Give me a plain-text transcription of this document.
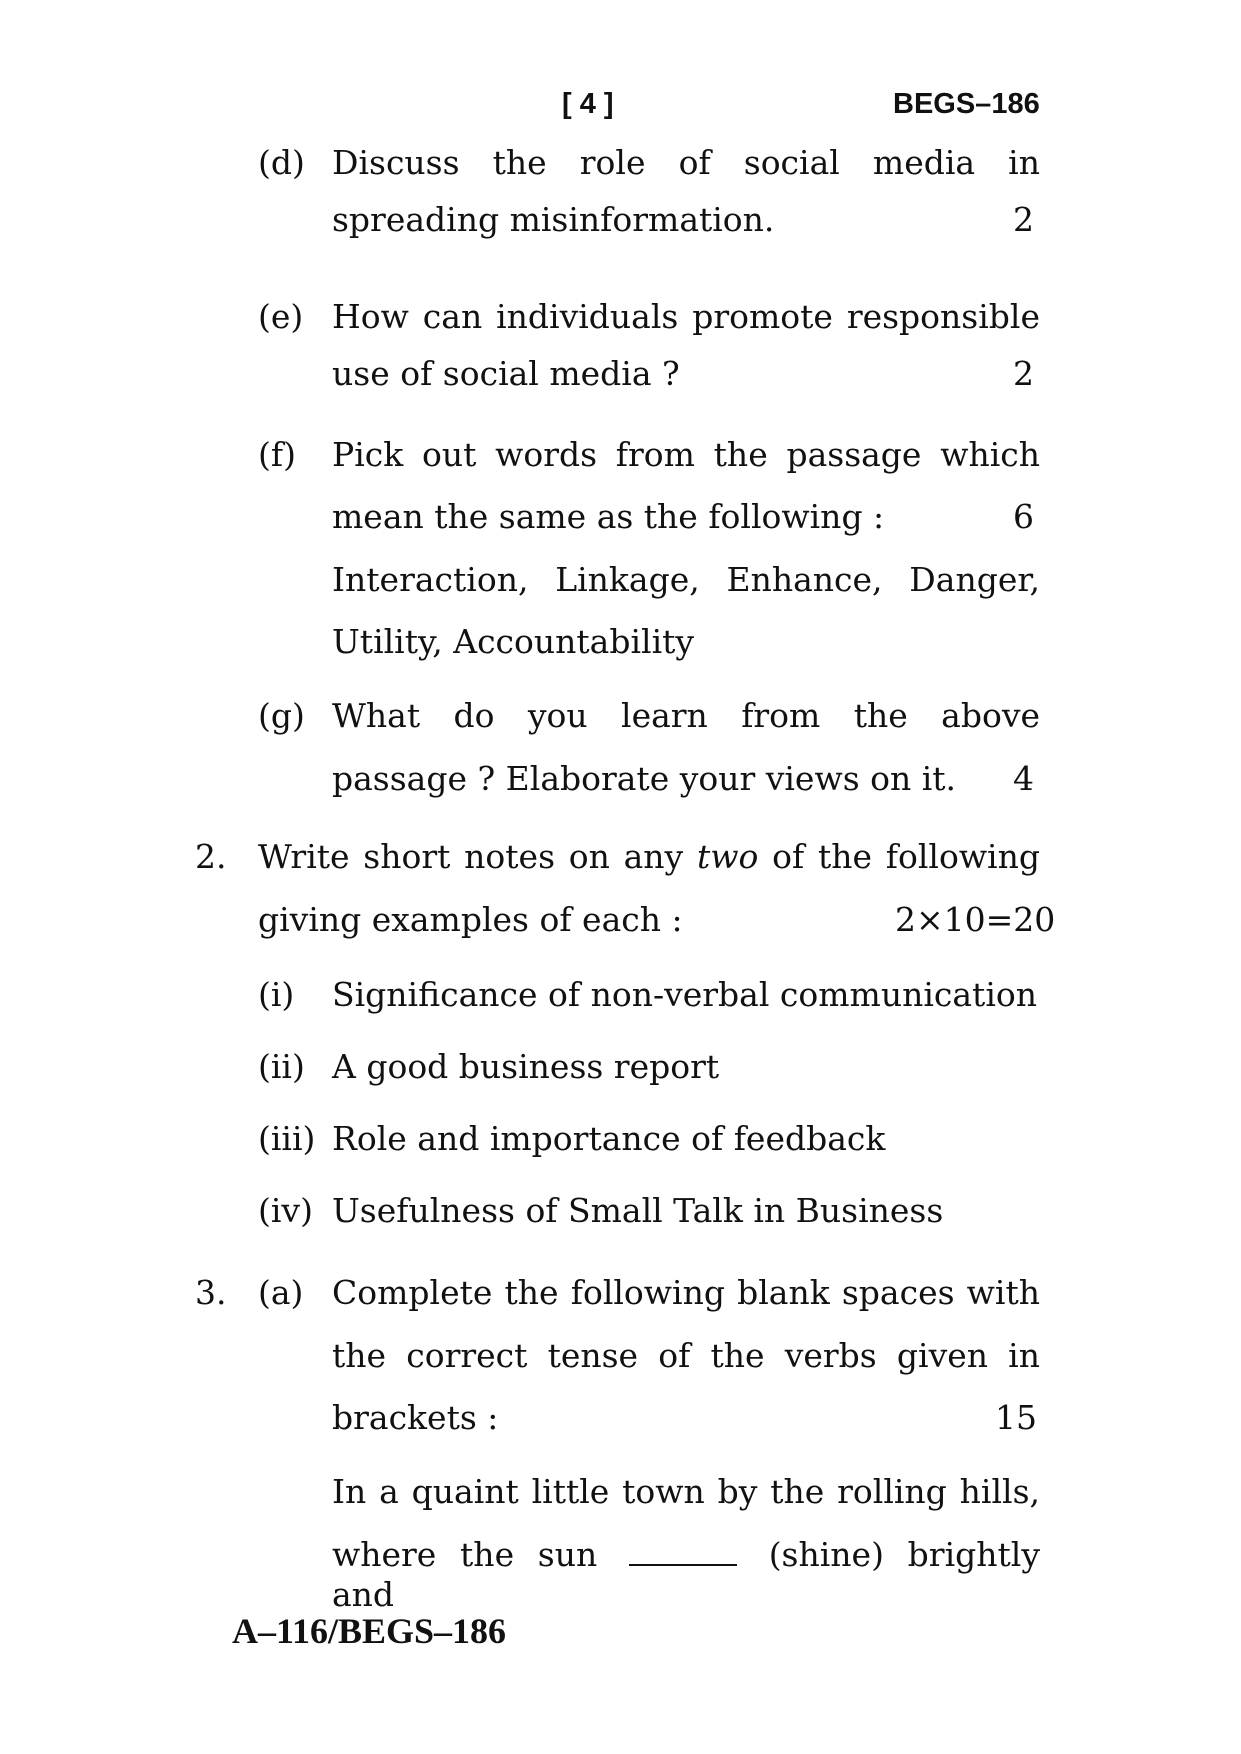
[ 4 ]	BEGS–186
(d) Discuss the role of social media in
spreading misinformation.	2
(e) How can individuals promote responsible
use of social media ?	2
(f) Pick out words from the passage which
mean the same as the following :	6
Interaction, Linkage, Enhance, Danger,
Utility, Accountability
(g) What do you learn from the above
passage ? Elaborate your views on it. 4
2. Write short notes on any two of the following
giving examples of each :	2×10=20
(i) Significance of non-verbal communication
(ii) A good business report
(iii) Role and importance of feedback
(iv) Usefulness of Small Talk in Business
3. (a) Complete the following blank spaces with
the correct tense of the verbs given in
brackets :	15
In a quaint little town by the rolling hills,
where the sun	(shine) brightly and
A–116/BEGS–186
